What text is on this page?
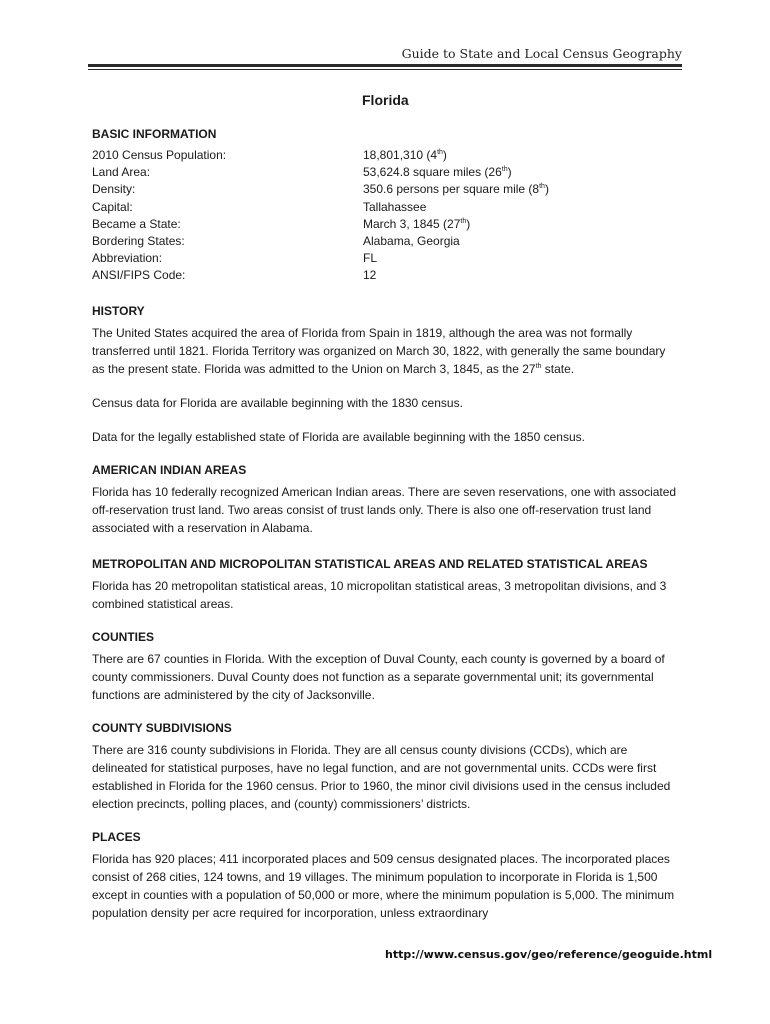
Guide to State and Local Census Geography
Florida
BASIC INFORMATION
2010 Census Population:	18,801,310 (4th)
Land Area:	53,624.8 square miles (26th)
Density:	350.6 persons per square mile (8th)
Capital:	Tallahassee
Became a State:	March 3, 1845 (27th)
Bordering States:	Alabama, Georgia
Abbreviation:	FL
ANSI/FIPS Code:	12
HISTORY

The United States acquired the area of Florida from Spain in 1819, although the area was not formally transferred until 1821. Florida Territory was organized on March 30, 1822, with generally the same boundary as the present state. Florida was admitted to the Union on March 3, 1845, as the 27th state.

Census data for Florida are available beginning with the 1830 census.

Data for the legally established state of Florida are available beginning with the 1850 census.

AMERICAN INDIAN AREAS

Florida has 10 federally recognized American Indian areas. There are seven reservations, one with associated off-reservation trust land. Two areas consist of trust lands only. There is also one off-reservation trust land associated with a reservation in Alabama.

METROPOLITAN AND MICROPOLITAN STATISTICAL AREAS AND RELATED STATISTICAL AREAS

Florida has 20 metropolitan statistical areas, 10 micropolitan statistical areas, 3 metropolitan divisions, and 3 combined statistical areas.

COUNTIES

There are 67 counties in Florida. With the exception of Duval County, each county is governed by a board of county commissioners. Duval County does not function as a separate governmental unit; its governmental functions are administered by the city of Jacksonville.

COUNTY SUBDIVISIONS

There are 316 county subdivisions in Florida. They are all census county divisions (CCDs), which are delineated for statistical purposes, have no legal function, and are not governmental units. CCDs were first established in Florida for the 1960 census. Prior to 1960, the minor civil divisions used in the census included election precincts, polling places, and (county) commissioners’ districts.

PLACES

Florida has 920 places; 411 incorporated places and 509 census designated places. The incorporated places consist of 268 cities, 124 towns, and 19 villages. The minimum population to incorporate in Florida is 1,500 except in counties with a population of 50,000 or more, where the minimum population is 5,000. The minimum population density per acre required for incorporation, unless extraordinary

http://www.census.gov/geo/reference/geoguide.html
